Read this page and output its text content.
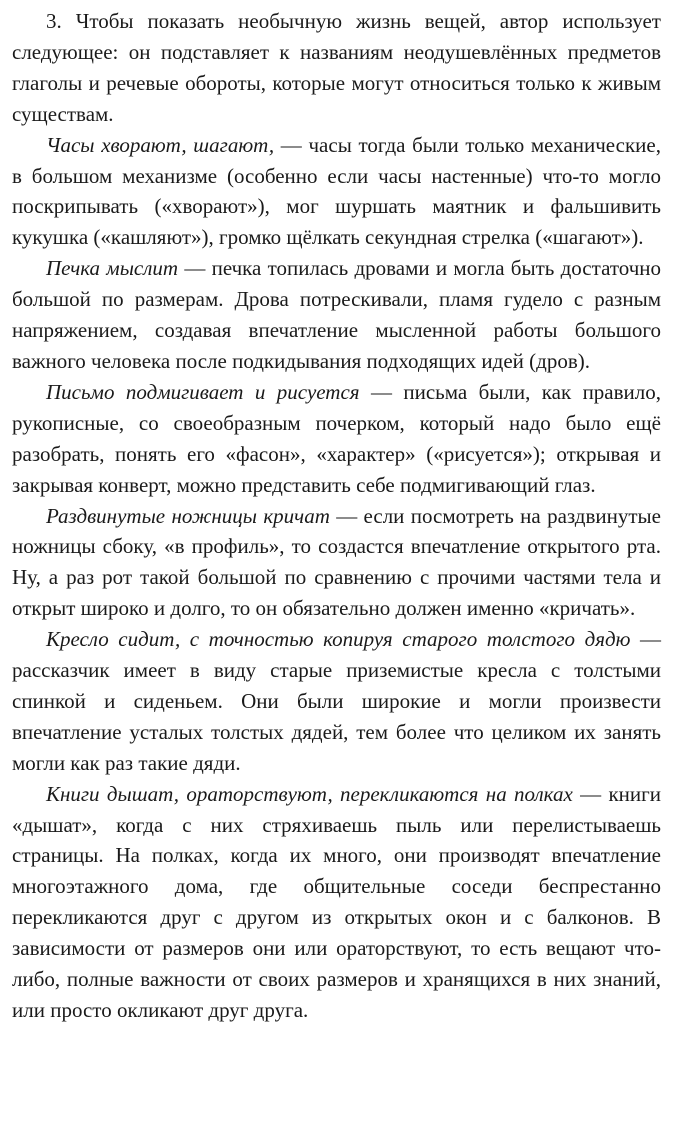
3. Чтобы показать необычную жизнь вещей, автор использует следующее: он подставляет к названиям неодушевлённых предметов глаголы и речевые обороты, которые могут относиться только к живым существам.

Часы хворают, шагают, — часы тогда были только механические, в большом механизме (особенно если часы настенные) что-то могло поскрипывать («хворают»), мог шуршать маятник и фальшивить кукушка («кашляют»), громко щёлкать секундная стрелка («шагают»).

Печка мыслит — печка топилась дровами и могла быть достаточно большой по размерам. Дрова потрескивали, пламя гудело с разным напряжением, создавая впечатление мысленной работы большого важного человека после подкидывания подходящих идей (дров).

Письмо подмигивает и рисуется — письма были, как правило, рукописные, со своеобразным почерком, который надо было ещё разобрать, понять его «фасон», «характер» («рисуется»); открывая и закрывая конверт, можно представить себе подмигивающий глаз.

Раздвинутые ножницы кричат — если посмотреть на раздвинутые ножницы сбоку, «в профиль», то создастся впечатление открытого рта. Ну, а раз рот такой большой по сравнению с прочими частями тела и открыт широко и долго, то он обязательно должен именно «кричать».

Кресло сидит, с точностью копируя старого толстого дядю — рассказчик имеет в виду старые приземистые кресла с толстыми спинкой и сиденьем. Они были широкие и могли произвести впечатление усталых толстых дядей, тем более что целиком их занять могли как раз такие дяди.

Книги дышат, ораторствуют, перекликаются на полках — книги «дышат», когда с них стряхиваешь пыль или перелистываешь страницы. На полках, когда их много, они производят впечатление многоэтажного дома, где общительные соседи беспрестанно перекликаются друг с другом из открытых окон и с балконов. В зависимости от размеров они или ораторствуют, то есть вещают что-либо, полные важности от своих размеров и хранящихся в них знаний, или просто окликают друг друга.
